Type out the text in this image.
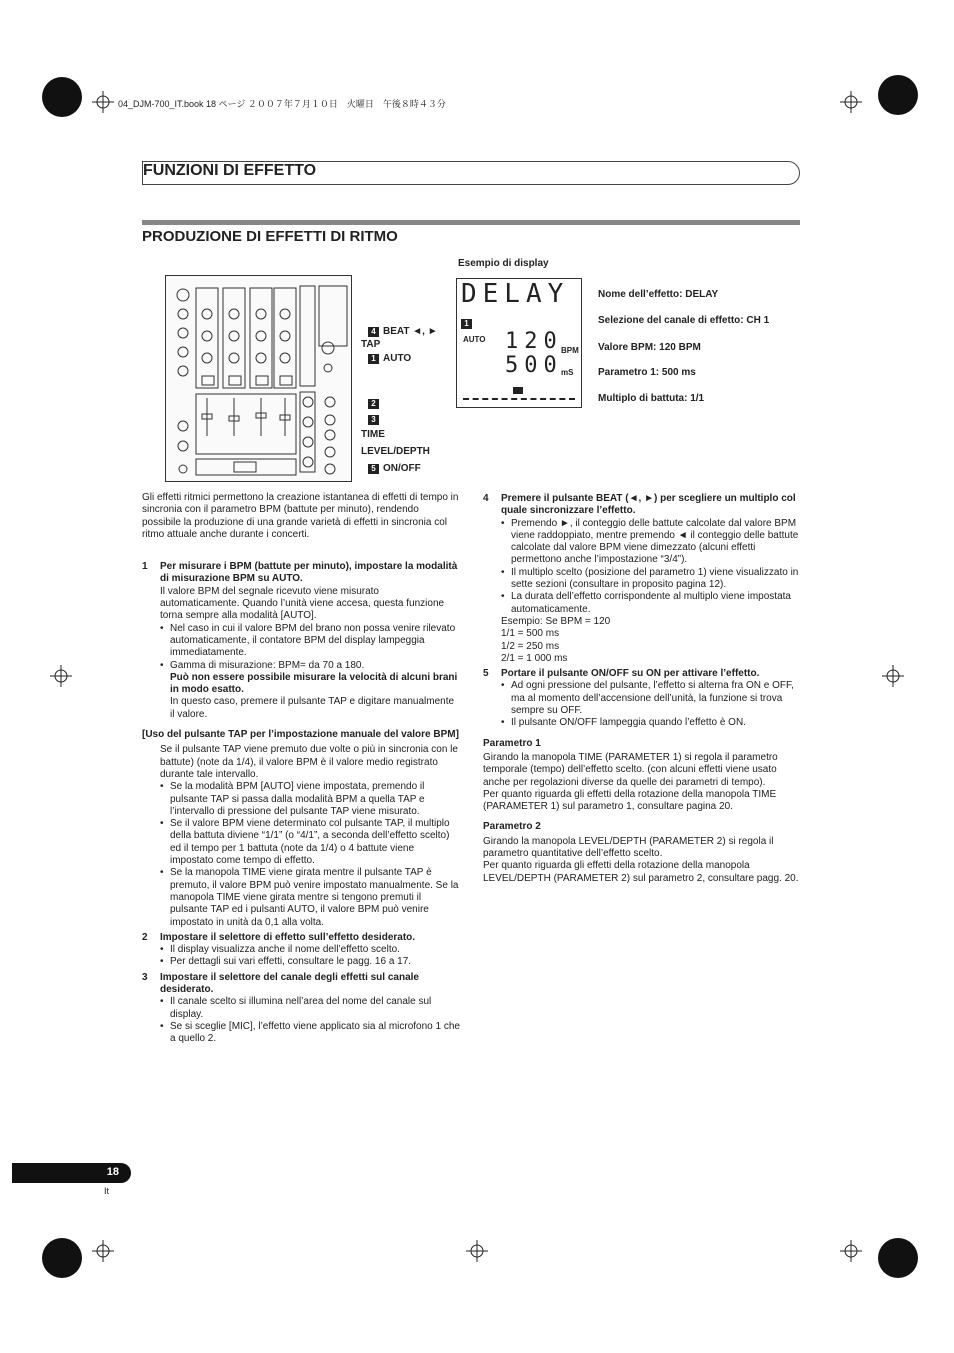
04_DJM-700_IT.book 18 ページ ２００７年７月１０日　火曜日　午後８時４３分
FUNZIONI DI EFFETTO
PRODUZIONE DI EFFETTI DI RITMO
4 BEAT ◄, ►
TAP
1 AUTO
2
3
TIME
LEVEL/DEPTH
5 ON/OFF
Esempio di display
DELAY
1
AUTO 120
BPM
500
mS
Nome dell’effetto: DELAY
Selezione del canale di effetto: CH 1
Valore BPM: 120 BPM
Parametro 1: 500 ms
Multiplo di battuta: 1/1
Gli effetti ritmici permettono la creazione istantanea di effetti di tempo in sincronia con il parametro BPM (battute per minuto), rendendo possibile la produzione di una grande varietà di effetti in sincronia col ritmo attuale anche durante i concerti.
1 Per misurare i BPM (battute per minuto), impostare la modalità di misurazione BPM su AUTO.
Il valore BPM del segnale ricevuto viene misurato automaticamente. Quando l’unità viene accesa, questa funzione torna sempre alla modalità [AUTO].
• Nel caso in cui il valore BPM del brano non possa venire rilevato automaticamente, il contatore BPM del display lampeggia immediatamente.
• Gamma di misurazione: BPM= da 70 a 180.
Può non essere possibile misurare la velocità di alcuni brani in modo esatto.
In questo caso, premere il pulsante TAP e digitare manualmente il valore.
[Uso del pulsante TAP per l’impostazione manuale del valore BPM]
Se il pulsante TAP viene premuto due volte o più in sincronia con le battute) (note da 1/4), il valore BPM è il valore medio registrato durante tale intervallo.
• Se la modalità BPM [AUTO] viene impostata, premendo il pulsante TAP si passa dalla modalità BPM a quella TAP e l’intervallo di pressione del pulsante TAP viene misurato.
• Se il valore BPM viene determinato col pulsante TAP, il multiplo della battuta diviene “1/1” (o “4/1”, a seconda dell’effetto scelto) ed il tempo per 1 battuta (note da 1/4) o 4 battute viene impostato come tempo di effetto.
• Se la manopola TIME viene girata mentre il pulsante TAP è premuto, il valore BPM può venire impostato manualmente. Se la manopola TIME viene girata mentre si tengono premuti il pulsante TAP ed i pulsanti AUTO, il valore BPM può venire impostato in unità da 0,1 alla volta.
2 Impostare il selettore di effetto sull’effetto desiderato.
• Il display visualizza anche il nome dell’effetto scelto.
• Per dettagli sui vari effetti, consultare le pagg. 16 a 17.
3 Impostare il selettore del canale degli effetti sul canale desiderato.
• Il canale scelto si illumina nell’area del nome del canale sul display.
• Se si sceglie [MIC], l’effetto viene applicato sia al microfono 1 che a quello 2.
4 Premere il pulsante BEAT (◄, ►) per scegliere un multiplo col quale sincronizzare l’effetto.
• Premendo ►, il conteggio delle battute calcolate dal valore BPM viene raddoppiato, mentre premendo ◄ il conteggio delle battute calcolate dal valore BPM viene dimezzato (alcuni effetti permettono anche l’impostazione “3/4”).
• Il multiplo scelto (posizione del parametro 1) viene visualizzato in sette sezioni (consultare in proposito pagina 12).
• La durata dell’effetto corrispondente al multiplo viene impostata automaticamente.
Esempio: Se BPM = 120
1/1 = 500 ms
1/2 = 250 ms
2/1 = 1 000 ms
5 Portare il pulsante ON/OFF su ON per attivare l’effetto.
• Ad ogni pressione del pulsante, l’effetto si alterna fra ON e OFF, ma al momento dell’accensione dell’unità, la funzione si trova sempre su OFF.
• Il pulsante ON/OFF lampeggia quando l’effetto è ON.
Parametro 1
Girando la manopola TIME (PARAMETER 1) si regola il parametro temporale (tempo) dell’effetto scelto. (con alcuni effetti viene usato anche per regolazioni diverse da quelle dei parametri di tempo).
Per quanto riguarda gli effetti della rotazione della manopola TIME (PARAMETER 1) sul parametro 1, consultare pagina 20.
Parametro 2
Girando la manopola LEVEL/DEPTH (PARAMETER 2) si regola il parametro quantitative dell’effetto scelto.
Per quanto riguarda gli effetti della rotazione della manopola LEVEL/DEPTH (PARAMETER 2) sul parametro 2, consultare pagg. 20.
18
It
